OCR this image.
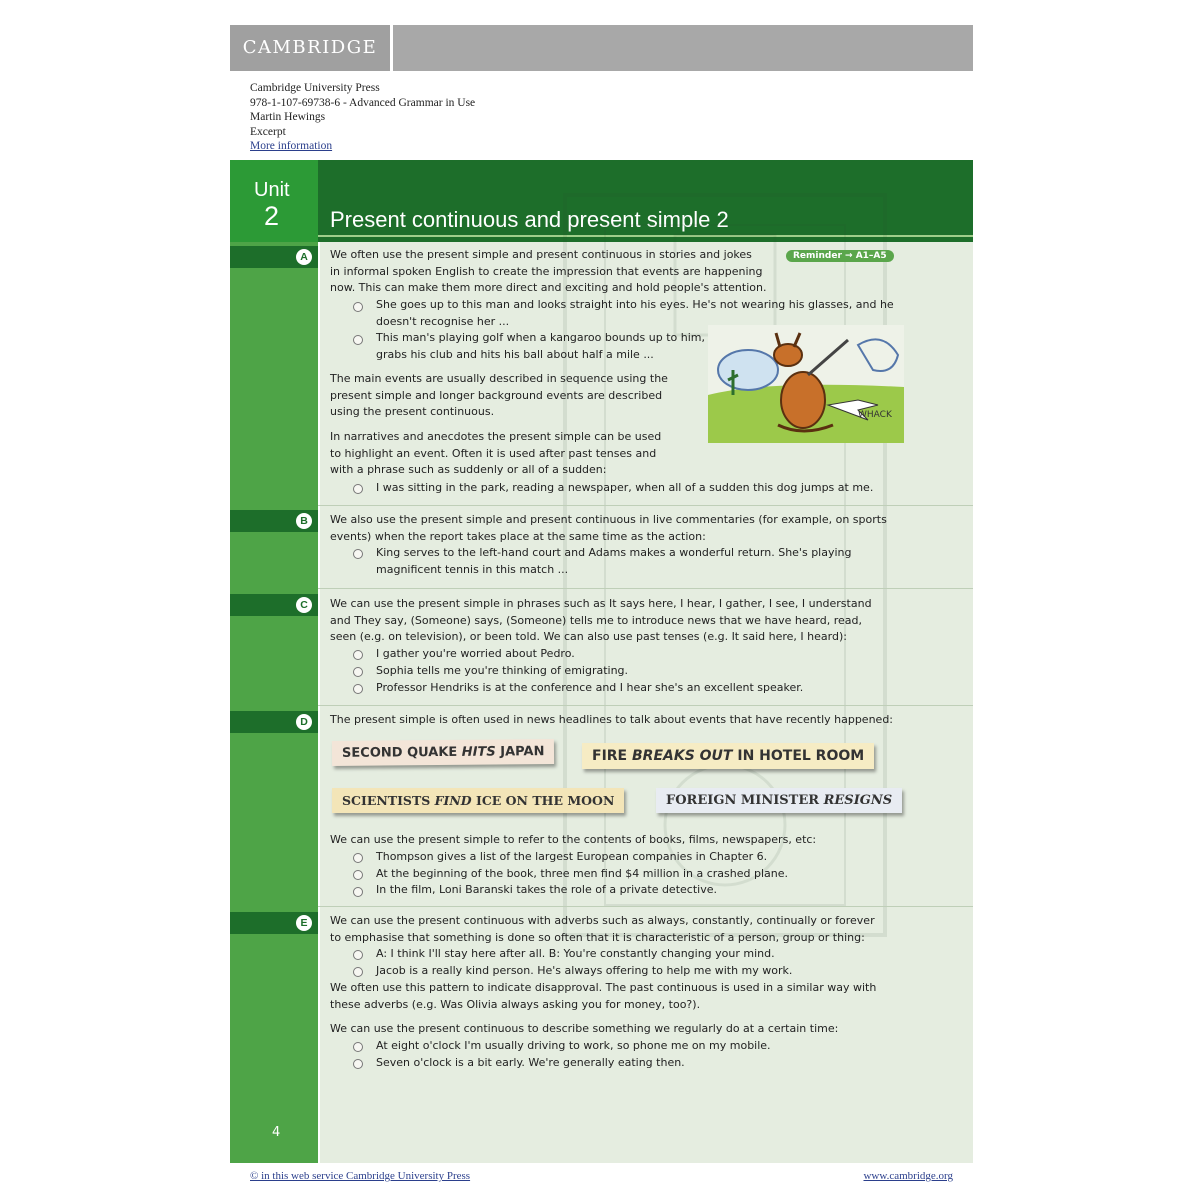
CAMBRIDGE
Cambridge University Press
978-1-107-69738-6 - Advanced Grammar in Use
Martin Hewings
Excerpt
More information
Unit
2 Present continuous and present simple 2
A
B
C
D
E
Reminder → A1–A5
We often use the present simple and present continuous in stories and jokes
in informal spoken English to create the impression that events are happening
now. This can make them more direct and exciting and hold people's attention.
She goes up to this man and looks straight into his eyes. He's not wearing his glasses, and he
doesn't recognise her ...
This man's playing golf when a kangaroo bounds up to him,
grabs his club and hits his ball about half a mile ...
The main events are usually described in sequence using the
present simple and longer background events are described
using the present continuous.
In narratives and anecdotes the present simple can be used
to highlight an event. Often it is used after past tenses and
with a phrase such as suddenly or all of a sudden:
I was sitting in the park, reading a newspaper, when all of a sudden this dog jumps at me.
WHACK
We also use the present simple and present continuous in live commentaries (for example, on sports
events) when the report takes place at the same time as the action:
King serves to the left-hand court and Adams makes a wonderful return. She's playing
magnificent tennis in this match ...
We can use the present simple in phrases such as It says here, I hear, I gather, I see, I understand
and They say, (Someone) says, (Someone) tells me to introduce news that we have heard, read,
seen (e.g. on television), or been told. We can also use past tenses (e.g. It said here, I heard):
I gather you're worried about Pedro.
Sophia tells me you're thinking of emigrating.
Professor Hendriks is at the conference and I hear she's an excellent speaker.
The present simple is often used in news headlines to talk about events that have recently happened:
SECOND QUAKE HITS JAPAN	FIRE BREAKS OUT IN HOTEL ROOM
SCIENTISTS FIND ICE ON THE MOON	FOREIGN MINISTER RESIGNS
We can use the present simple to refer to the contents of books, films, newspapers, etc:
Thompson gives a list of the largest European companies in Chapter 6.
At the beginning of the book, three men find $4 million in a crashed plane.
In the film, Loni Baranski takes the role of a private detective.
We can use the present continuous with adverbs such as always, constantly, continually or forever
to emphasise that something is done so often that it is characteristic of a person, group or thing:
A: I think I'll stay here after all. B: You're constantly changing your mind.
Jacob is a really kind person. He's always offering to help me with my work.
We often use this pattern to indicate disapproval. The past continuous is used in a similar way with
these adverbs (e.g. Was Olivia always asking you for money, too?).
We can use the present continuous to describe something we regularly do at a certain time:
At eight o'clock I'm usually driving to work, so phone me on my mobile.
Seven o'clock is a bit early. We're generally eating then.
4
© in this web service Cambridge University Press	www.cambridge.org
